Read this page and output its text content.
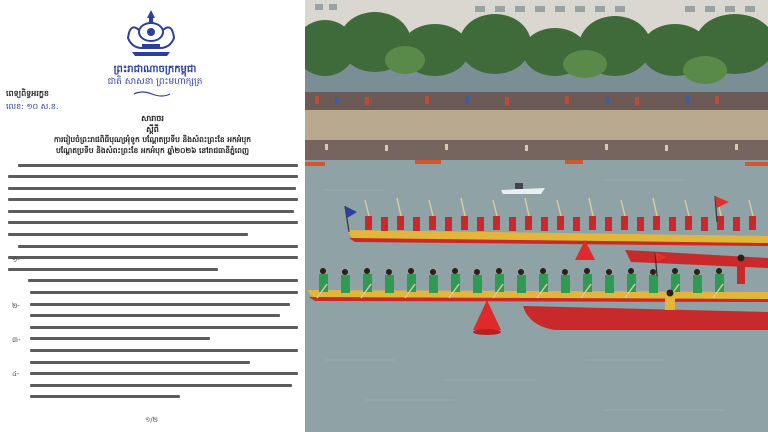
ព្រះរាជាណាចក្រកម្ពុជា
ជាតិ សាសនា ព្រះមហាក្សត្រ
ពេទ្យពិទ្ធអរក្ខខ
លេខ: ១០ ស.ន.
សារាចរ
ស្តីពី
ការរៀបចំព្រះរាជពិធីបុណ្យអុំទូក បណ្តែតប្រទីប និងសំពះព្រះខែ អកអំបុក
បណ្តែតប្រទីប និងសំពះព្រះខែ អកអំបុក ឆ្នាំ២០២៦ នៅរាជធានីភ្នំពេញ
១-
២-
៣-
៤-
១/២
